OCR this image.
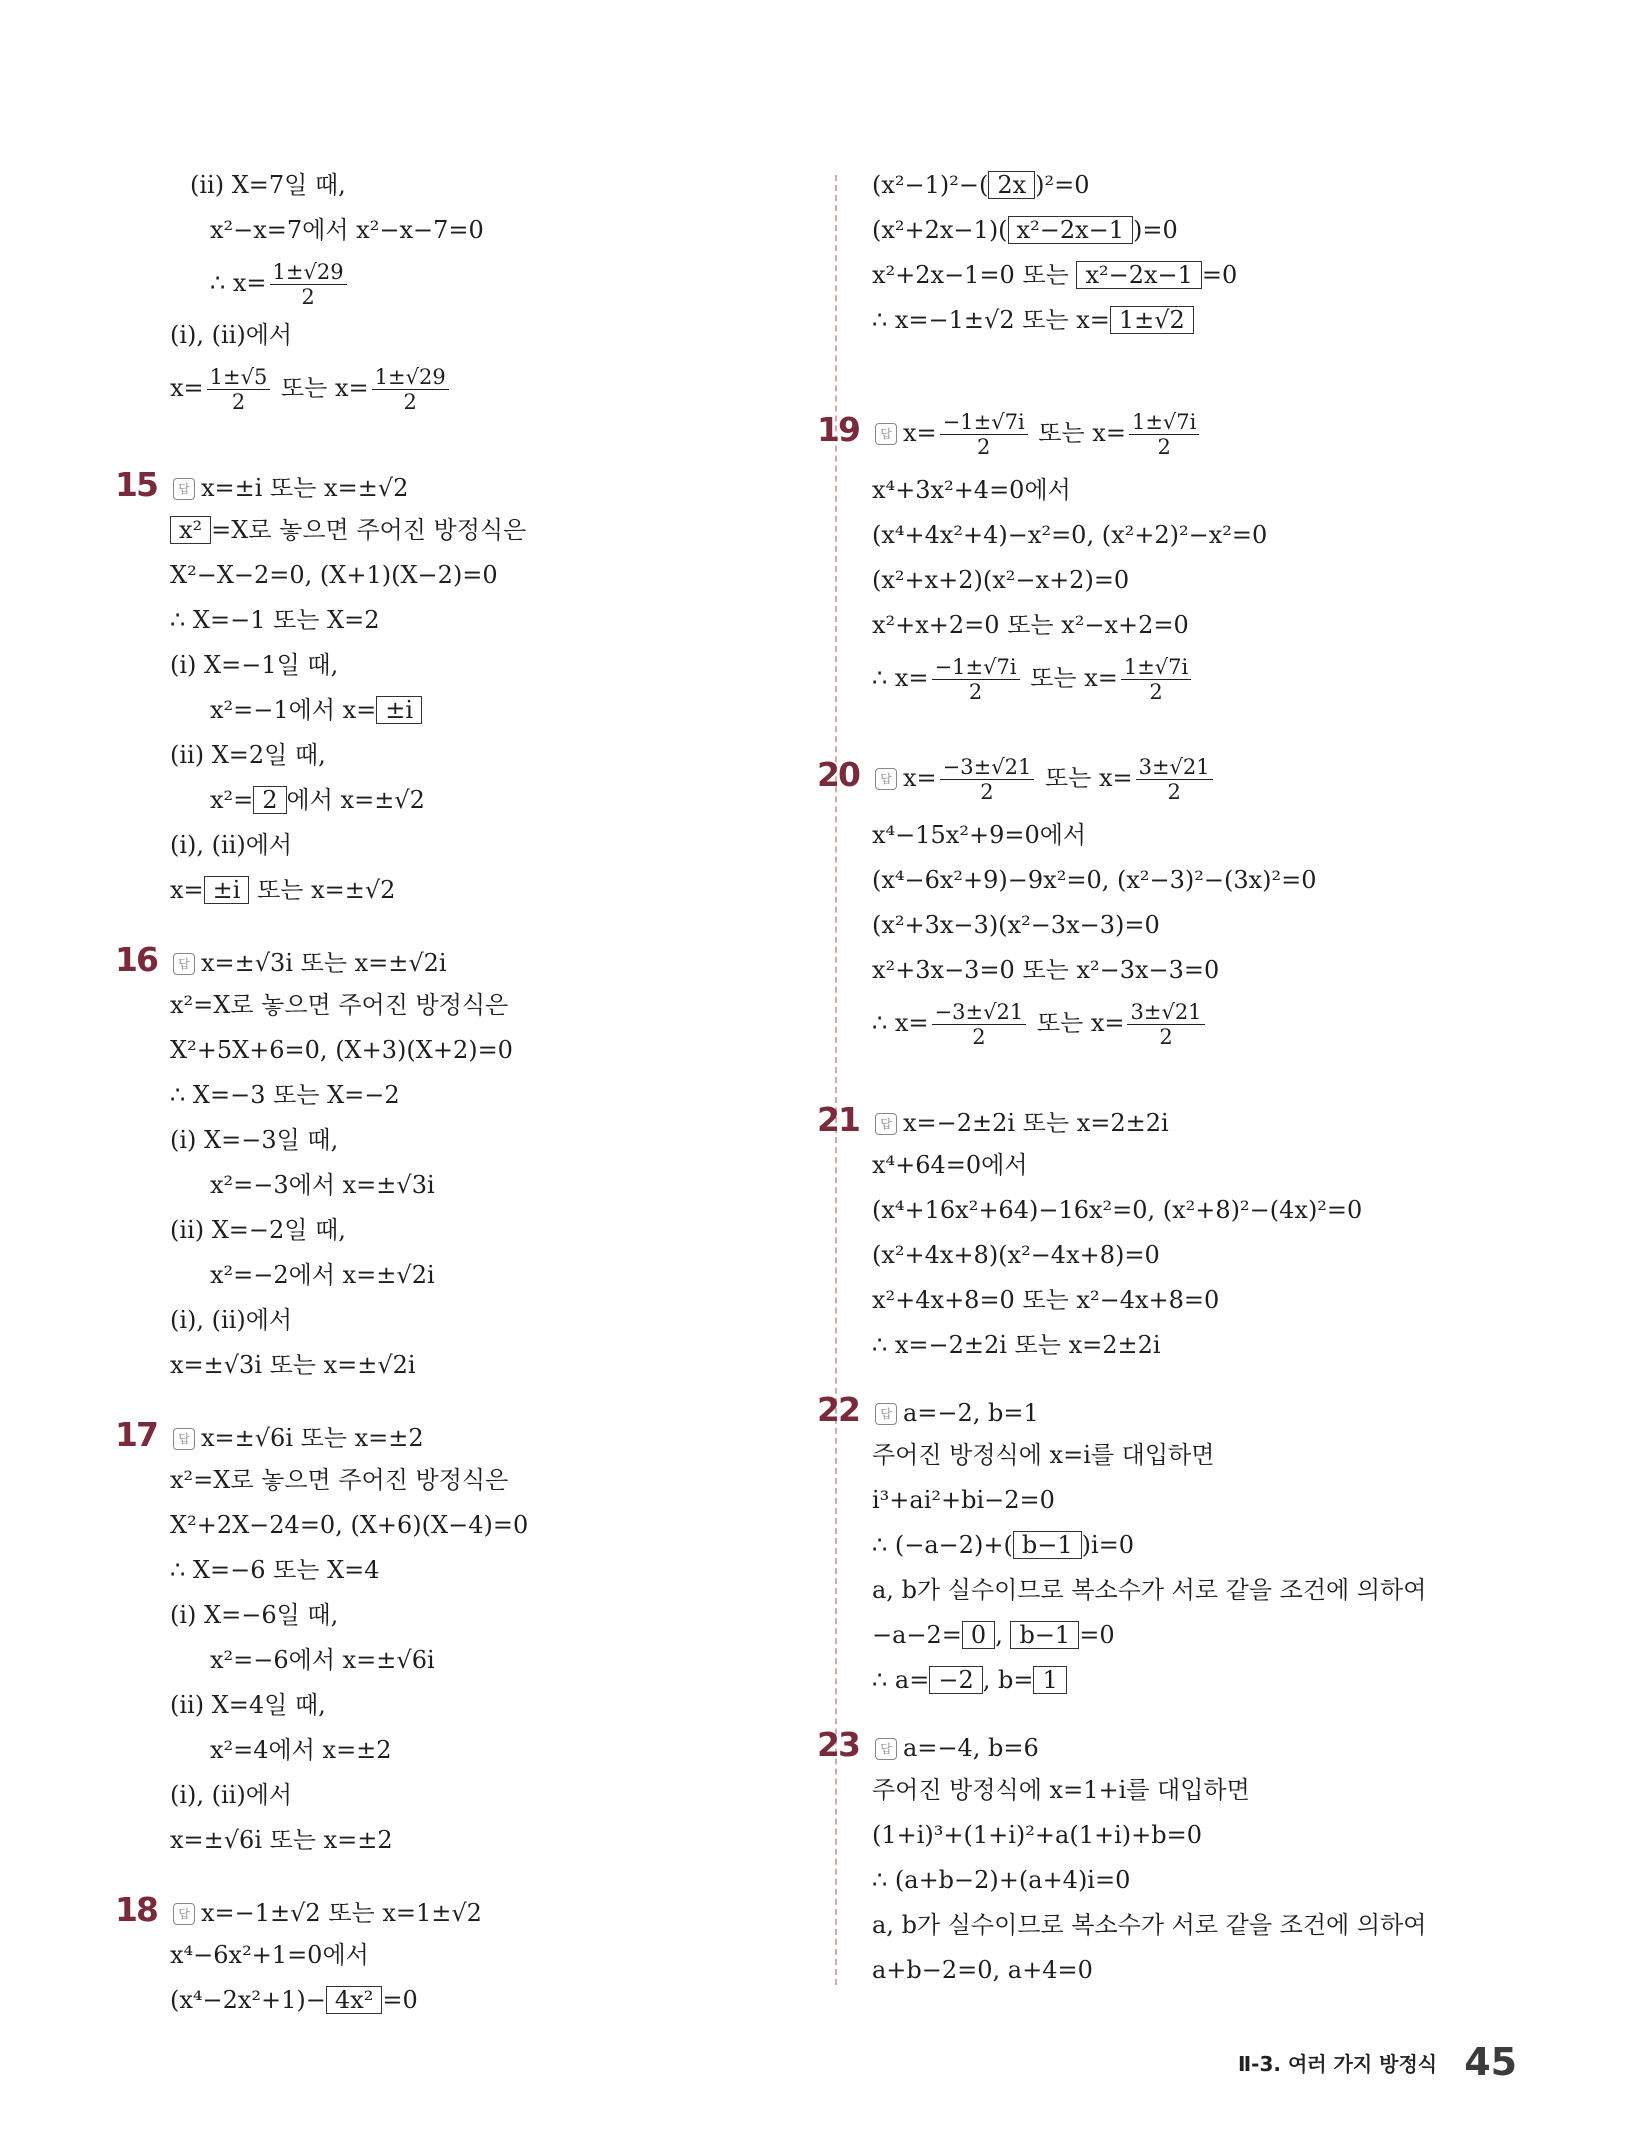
(ⅱ) X=7일 때,
x²−x=7에서 x²−x−7=0
∴ $x= \frac{1\pm√29}{2}$
(ⅰ), (ⅱ)에서
$x= \frac{1\pm√5}{2}$ 또는 $x= \frac{1\pm√29}{2}$
15 답 x=±i 또는 x=±√2
x² =X로 놓으면 주어진 방정식은
X²−X−2=0, (X+1)(X−2)=0
∴ X=−1 또는 X=2
(ⅰ) X=−1일 때,
x²=−1에서 x= ±i
(ⅱ) X=2일 때,
x²= 2 에서 x=±√2
(ⅰ), (ⅱ)에서
x= ±i 또는 x=±√2
16 답 x=±√3i 또는 x=±√2i
x²=X로 놓으면 주어진 방정식은
X²+5X+6=0, (X+3)(X+2)=0
∴ X=−3 또는 X=−2
(ⅰ) X=−3일 때,
x²=−3에서 x=±√3i
(ⅱ) X=−2일 때,
x²=−2에서 x=±√2i
(ⅰ), (ⅱ)에서
x=±√3i 또는 x=±√2i
17 답 x=±√6i 또는 x=±2
x²=X로 놓으면 주어진 방정식은
X²+2X−24=0, (X+6)(X−4)=0
∴ X=−6 또는 X=4
(ⅰ) X=−6일 때,
x²=−6에서 x=±√6i
(ⅱ) X=4일 때,
x²=4에서 x=±2
(ⅰ), (ⅱ)에서
x=±√6i 또는 x=±2
18 답 x=−1±√2 또는 x=1±√2
x⁴−6x²+1=0에서
(x⁴−2x²+1)− 4x² =0
(x²−1)²−( 2x )²=0
(x²+2x−1)( x²−2x−1 )=0
x²+2x−1=0 또는 x²−2x−1 =0
∴ x=−1±√2 또는 x= 1±√2
19 답 $x= \frac{-1\pm√7i}{2}$ 또는 $x= \frac{1\pm√7i}{2}$
x⁴+3x²+4=0에서
(x⁴+4x²+4)−x²=0, (x²+2)²−x²=0
(x²+x+2)(x²−x+2)=0
x²+x+2=0 또는 x²−x+2=0
∴ $x= \frac{-1\pm√7i}{2}$ 또는 $x= \frac{1\pm√7i}{2}$
20 답 $x= \frac{-3\pm√21}{2}$ 또는 $x= \frac{3\pm√21}{2}$
x⁴−15x²+9=0에서
(x⁴−6x²+9)−9x²=0, (x²−3)²−(3x)²=0
(x²+3x−3)(x²−3x−3)=0
x²+3x−3=0 또는 x²−3x−3=0
∴ $x= \frac{-3\pm√21}{2}$ 또는 $x= \frac{3\pm√21}{2}$
21 답 x=−2±2i 또는 x=2±2i
x⁴+64=0에서
(x⁴+16x²+64)−16x²=0, (x²+8)²−(4x)²=0
(x²+4x+8)(x²−4x+8)=0
x²+4x+8=0 또는 x²−4x+8=0
∴ x=−2±2i 또는 x=2±2i
22 답 a=−2, b=1
주어진 방정식에 x=i를 대입하면
i³+ai²+bi−2=0
∴ (−a−2)+( b−1 )i=0
a, b가 실수이므로 복소수가 서로 같을 조건에 의하여
−a−2= 0 , b−1 =0
∴ a= −2 , b= 1
23 답 a=−4, b=6
주어진 방정식에 x=1+i를 대입하면
(1+i)³+(1+i)²+a(1+i)+b=0
∴ (a+b−2)+(a+4)i=0
a, b가 실수이므로 복소수가 서로 같을 조건에 의하여
a+b−2=0, a+4=0
Ⅱ-3. 여러 가지 방정식 45
